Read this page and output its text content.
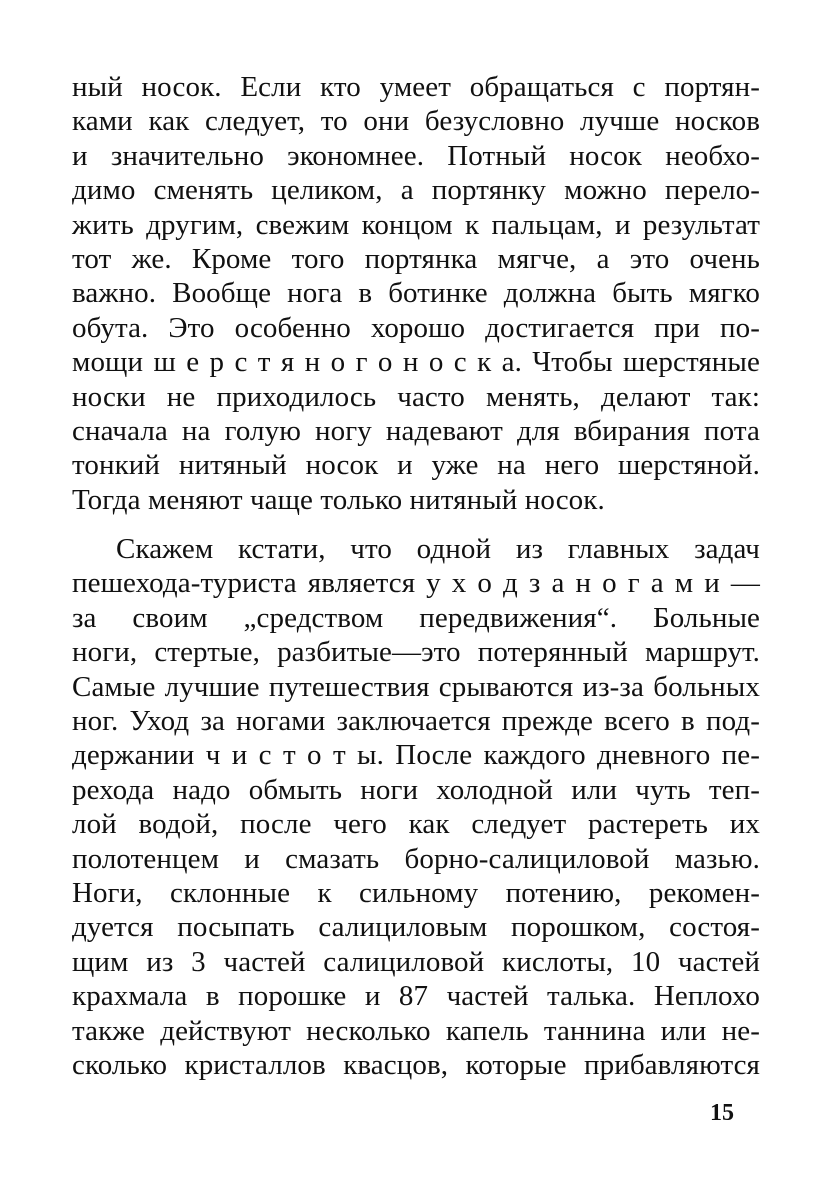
ный носок. Если кто умеет обращаться с портян-
ками как следует, то они безусловно лучше носков
и значительно экономнее. Потный носок необхо-
димо сменять целиком, а портянку можно перело-
жить другим, свежим концом к пальцам, и результат
тот же. Кроме того портянка мягче, а это очень
важно. Вообще нога в ботинке должна быть мягко
обута. Это особенно хорошо достигается при по-
мощи ш е р с т я н о г о н о с к а. Чтобы шерстяные
носки не приходилось часто менять, делают так:
сначала на голую ногу надевают для вбирания пота
тонкий нитяный носок и уже на него шерстяной.
Тогда меняют чаще только нитяный носок.
Скажем кстати, что одной из главных задач
пешехода-туриста является у х о д з а н о г а м и —
за своим „средством передвижения“. Больные
ноги, стертые, разбитые—это потерянный маршрут.
Самые лучшие путешествия срываются из-за больных
ног. Уход за ногами заключается прежде всего в под-
держании ч и с т о т ы. После каждого дневного пе-
рехода надо обмыть ноги холодной или чуть теп-
лой водой, после чего как следует растереть их
полотенцем и смазать борно-салициловой мазью.
Ноги, склонные к сильному потению, рекомен-
дуется посыпать салициловым порошком, состоя-
щим из 3 частей салициловой кислоты, 10 частей
крахмала в порошке и 87 частей талька. Неплохо
также действуют несколько капель таннина или не-
сколько кристаллов квасцов, которые прибавляются
15
